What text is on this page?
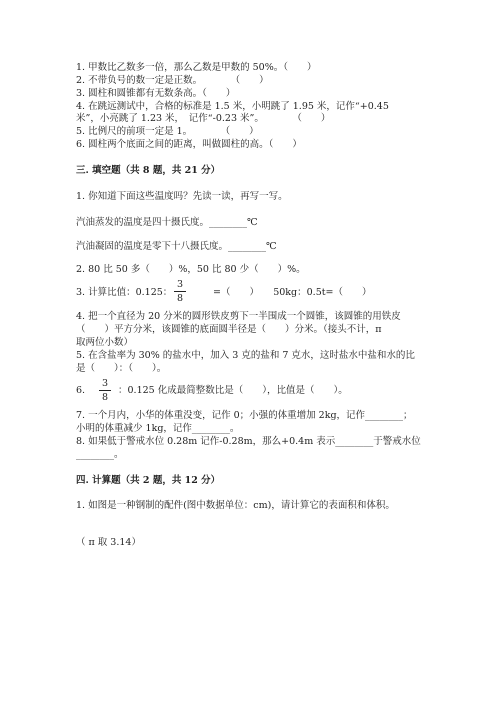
1. 甲数比乙数多一倍，那么乙数是甲数的 50%。（　　）
2. 不带负号的数一定是正数。　　　　（　　）
3. 圆柱和圆锥都有无数条高。（　　）
4. 在跳远测试中，合格的标准是 1.5 米，小明跳了 1.95 米，记作“+0.45
米”，小亮跳了 1.23 米，　记作“-0.23 米”。　　　　（　　）
5. 比例尺的前项一定是 1。　　　　（　　）
6. 圆柱两个底面之间的距离，叫做圆柱的高。（　　）
三. 填空题（共 8 题，共 21 分）
1. 你知道下面这些温度吗？先读一读，再写一写。
汽油蒸发的温度是四十摄氏度。________℃
汽油凝固的温度是零下十八摄氏度。________℃
2. 80 比 50 多（　　）%，50 比 80 少（　　）%。
3. 计算比值：0.125：
3
8
=（　　）　　50kg：0.5t=（　　）
4. 把一个直径为 20 分米的圆形铁皮剪下一半围成一个圆锥，该圆锥的用铁皮
（　　）平方分米，该圆锥的底面圆半径是（　　）分米。（接头不计，π
取两位小数）
5. 在含盐率为 30% 的盐水中，加入 3 克的盐和 7 克水，这时盐水中盐和水的比
是（　　）：（　　）。
6.
3
8
：0.125 化成最简整数比是（　　），比值是（　　）。
7. 一个月内，小华的体重没变，记作 0；小强的体重增加 2kg，记作________；
小明的体重减少 1kg，记作________。
8. 如果低于警戒水位 0.28m 记作-0.28m，那么+0.4m 表示________于警戒水位
________。
四. 计算题（共 2 题，共 12 分）
1. 如图是一种钢制的配件(图中数据单位：cm)，请计算它的表面积和体积。
（ π 取 3.14）
